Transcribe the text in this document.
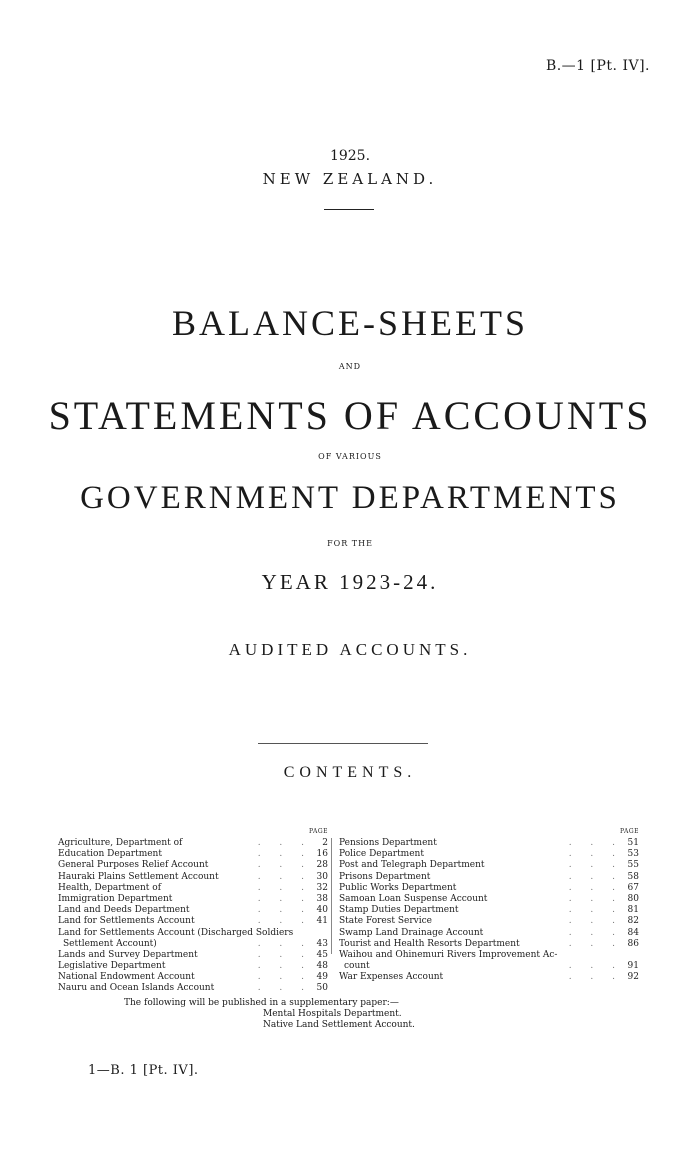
B.—1 [Pt. IV].
1925.
NEW ZEALAND.
BALANCE-SHEETS
AND
STATEMENTS OF ACCOUNTS
OF VARIOUS
GOVERNMENT DEPARTMENTS
FOR THE
YEAR 1923-24.
AUDITED ACCOUNTS.
CONTENTS.
PAGE
. . .
Agriculture, Department of	2
. . .
Education Department	16
. . .
General Purposes Relief Account	28
. . .
Hauraki Plains Settlement Account	30
. . .
Health, Department of	32
. . .
Immigration Department	38
. . .
Land and Deeds Department	40
. . .
Land for Settlements Account	41
Land for Settlements Account (Discharged Soldiers
. . .
Settlement Account)	43
. . .
Lands and Survey Department	45
. . .
Legislative Department	48
. . .
National Endowment Account	49
. . .
Nauru and Ocean Islands Account	50
PAGE
. . .
Pensions Department	51
. . .
Police Department	53
. . .
Post and Telegraph Department	55
. . .
Prisons Department	58
. . .
Public Works Department	67
. . .
Samoan Loan Suspense Account	80
. . .
Stamp Duties Department	81
. . .
State Forest Service	82
. . .
Swamp Land Drainage Account	84
. . .
Tourist and Health Resorts Department	86
Waihou and Ohinemuri Rivers Improvement Ac-
. . .
count	91
. . .
War Expenses Account	92
The following will be published in a supplementary paper:—
Mental Hospitals Department.
Native Land Settlement Account.
1—B. 1 [Pt. IV].
